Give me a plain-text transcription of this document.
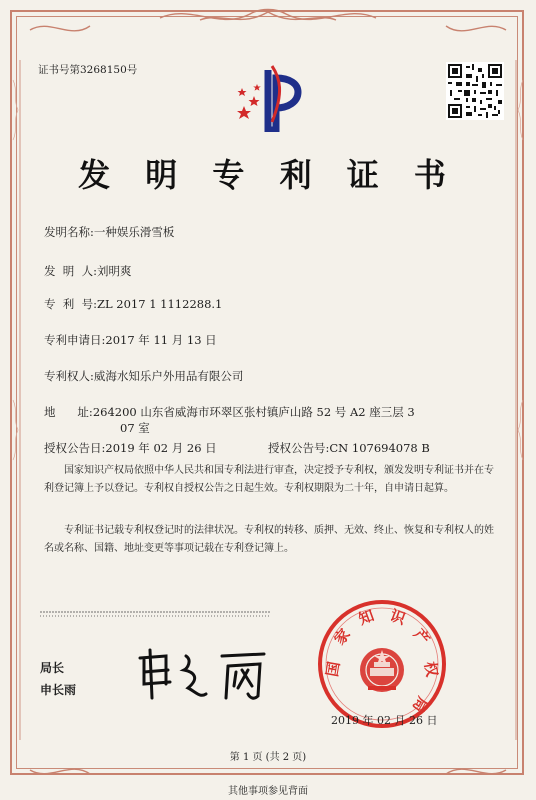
证书号第3268150号
发 明 专 利 证 书
发明名称:一种娱乐滑雪板
发  明  人:刘明爽
专  利  号:ZL 2017 1 1112288.1
专利申请日:2017 年 11 月 13 日
专利权人:威海水知乐户外用品有限公司
地      址:264200 山东省威海市环翠区张村镇庐山路 52 号 A2 座三层 3
07 室
授权公告日:2019 年 02 月 26 日	授权公告号:CN 107694078 B
国家知识产权局依照中华人民共和国专利法进行审查，决定授予专利权，颁发发明专利证书并在专利登记簿上予以登记。专利权自授权公告之日起生效。专利权期限为二十年，自申请日起算。
专利证书记载专利权登记时的法律状况。专利权的转移、质押、无效、终止、恢复和专利权人的姓名或名称、国籍、地址变更等事项记载在专利登记簿上。
局长
申长雨
国
家
知 识
产
权
局
2019 年 02 月 26 日
第 1 页 (共 2 页)
其他事项参见背面
